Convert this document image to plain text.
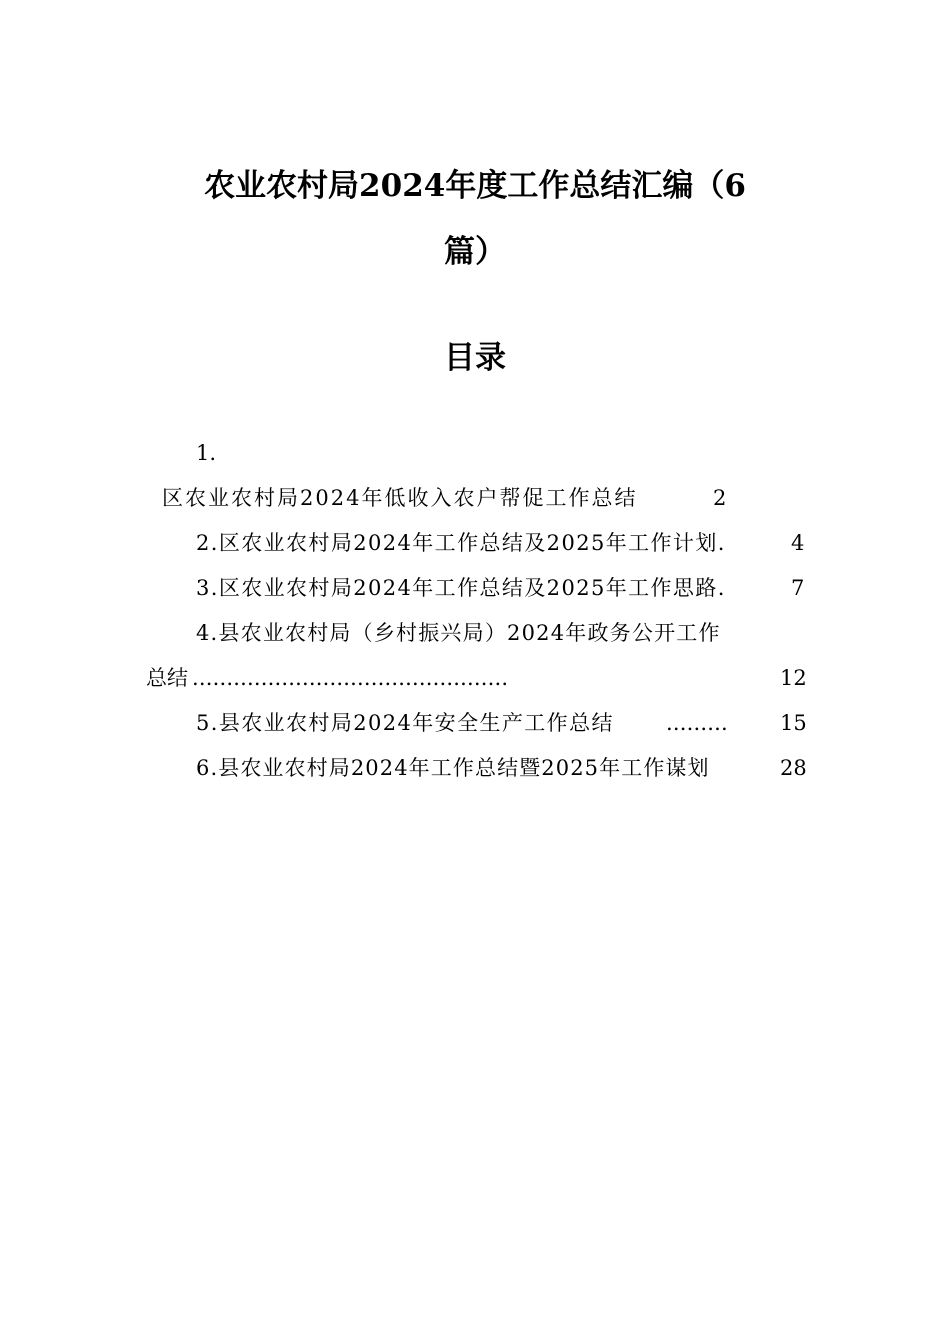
农业农村局2024年度工作总结汇编（6
篇）
目录
1.
区农业农村局2024年低收入农户帮促工作总结	2
2.区农业农村局2024年工作总结及2025年工作计划.	4
3.区农业农村局2024年工作总结及2025年工作思路.	7
4.县农业农村局（乡村振兴局）2024年政务公开工作
总结 ..............................................	12
5.县农业农村局2024年安全生产工作总结 .........	15
6.县农业农村局2024年工作总结暨2025年工作谋划	28
